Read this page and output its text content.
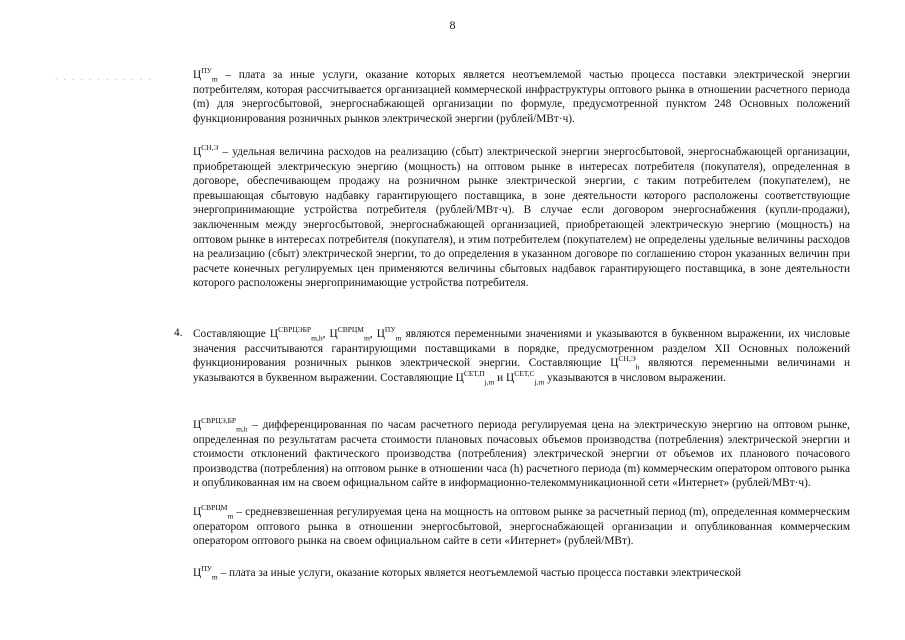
8
. . . . . . . . . . . .	$Ц^{ПУ}_m$ – плата за иные услуги, оказание которых является неотъемлемой частью процесса поставки электрической энергии потребителям, которая рассчитывается организацией коммерческой инфраструктуры оптового рынка в отношении расчетного периода (m) для энергосбытовой, энергоснабжающей организации по формуле, предусмотренной пунктом 248 Основных положений функционирования розничных рынков электрической энергии (рублей/МВт·ч).

$Ц^{СН,Э}$ – удельная величина расходов на реализацию (сбыт) электрической энергии энергосбытовой, энергоснабжающей организации, приобретающей электрическую энергию (мощность) на оптовом рынке в интересах потребителя (покупателя), определенная в договоре, обеспечивающем продажу на розничном рынке электрической энергии, с таким потребителем (покупателем), не превышающая сбытовую надбавку гарантирующего поставщика, в зоне деятельности которого расположены соответствующие энергопринимающие устройства потребителя (рублей/МВт·ч). В случае если договором энергоснабжения (купли-продажи), заключенным между энергосбытовой, энергоснабжающей организацией, приобретающей электрическую энергию (мощность) на оптовом рынке в интересах потребителя (покупателя), и этим потребителем (покупателем) не определены удельные величины расходов на реализацию (сбыт) электрической энергии, то до определения в указанном договоре по соглашению сторон указанных величин при расчете конечных регулируемых цен применяются величины сбытовых надбавок гарантирующего поставщика, в зоне деятельности которого расположены энергопринимающие устройства потребителя.

4. Составляющие $Ц^{СВРЦЭБР}_{m,h}$, $Ц^{СВРЦМ}_m$, $Ц^{ПУ}_m$ являются переменными значениями и указываются в буквенном выражении, их числовые значения рассчитываются гарантирующими поставщиками в порядке, предусмотренном разделом XII Основных положений функционирования розничных рынков электрической энергии. Составляющие $Ц^{СН,Э}_h$ являются переменными величинами и указываются в буквенном выражении. Составляющие $Ц^{СЕТ,П}_{j,m}$ и $Ц^{СЕТ,С}_{j,m}$ указываются в числовом выражении.

$Ц^{СВРЦЭ,БР}_{m,h}$ – дифференцированная по часам расчетного периода регулируемая цена на электрическую энергию на оптовом рынке, определенная по результатам расчета стоимости плановых почасовых объемов производства (потребления) электрической энергии и стоимости отклонений фактического производства (потребления) электрической энергии от объемов их планового почасового производства (потребления) на оптовом рынке в отношении часа (h) расчетного периода (m) коммерческим оператором оптового рынка и опубликованная им на своем официальном сайте в информационно-телекоммуникационной сети «Интернет» (рублей/МВт·ч).

$Ц^{СВРЦМ}_m$ – средневзвешенная регулируемая цена на мощность на оптовом рынке за расчетный период (m), определенная коммерческим оператором оптового рынка в отношении энергосбытовой, энергоснабжающей организации и опубликованная коммерческим оператором оптового рынка на своем официальном сайте в сети «Интернет» (рублей/МВт).

$Ц^{ПУ}_m$ – плата за иные услуги, оказание которых является неотъемлемой частью процесса поставки электрической
